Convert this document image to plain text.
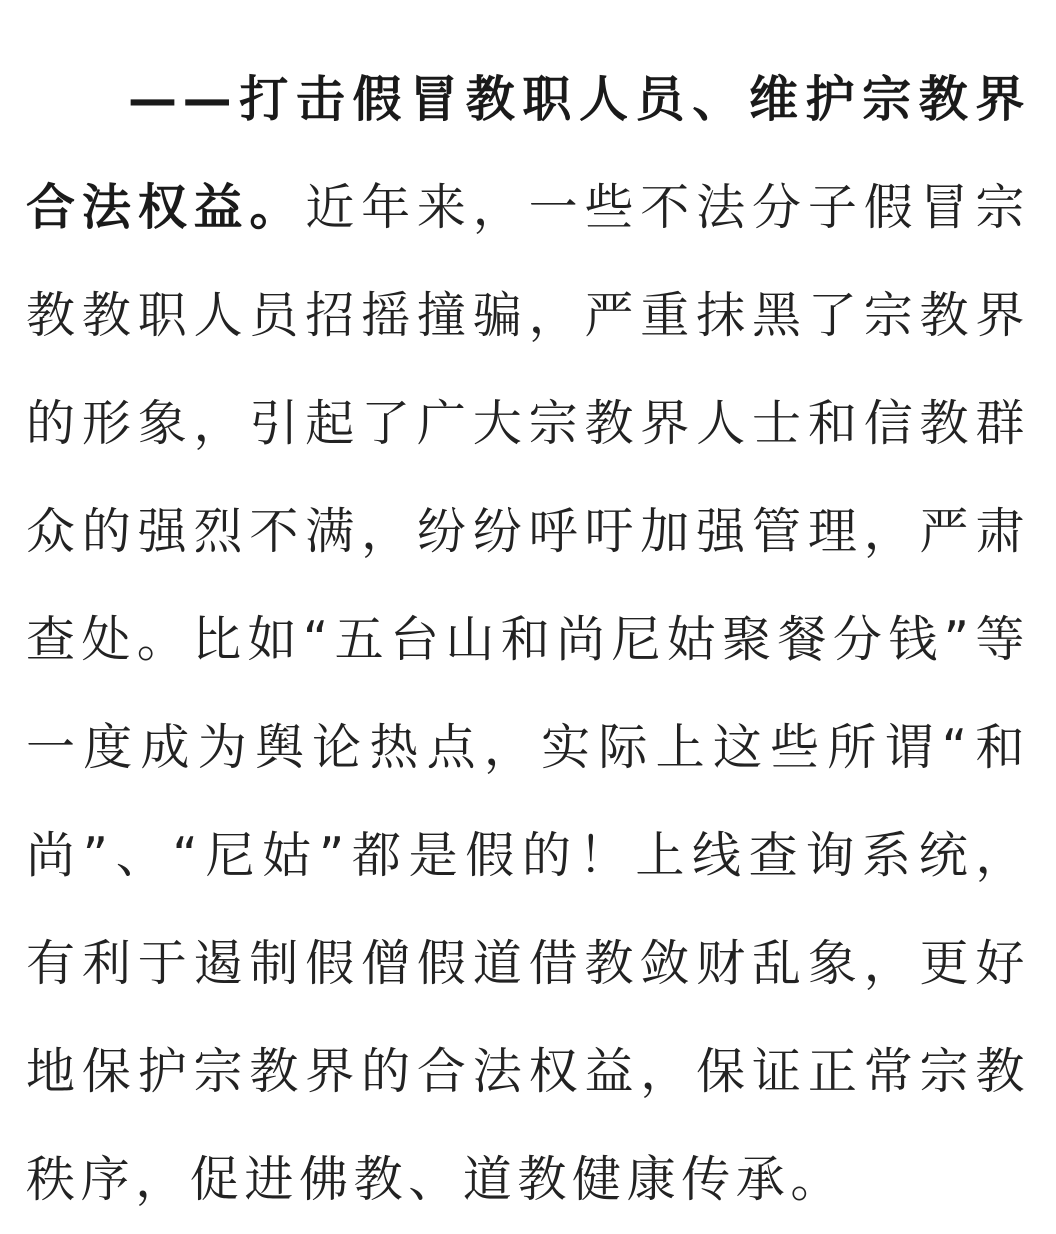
——打击假冒教职人员、维护宗教界合法权益。近年来，一些不法分子假冒宗教教职人员招摇撞骗，严重抹黑了宗教界的形象，引起了广大宗教界人士和信教群众的强烈不满，纷纷呼吁加强管理，严肃查处。比如“五台山和尚尼姑聚餐分钱”等一度成为舆论热点，实际上这些所谓“和尚”、“尼姑”都是假的！上线查询系统，有利于遏制假僧假道借教敛财乱象，更好地保护宗教界的合法权益，保证正常宗教秩序，促进佛教、道教健康传承。
